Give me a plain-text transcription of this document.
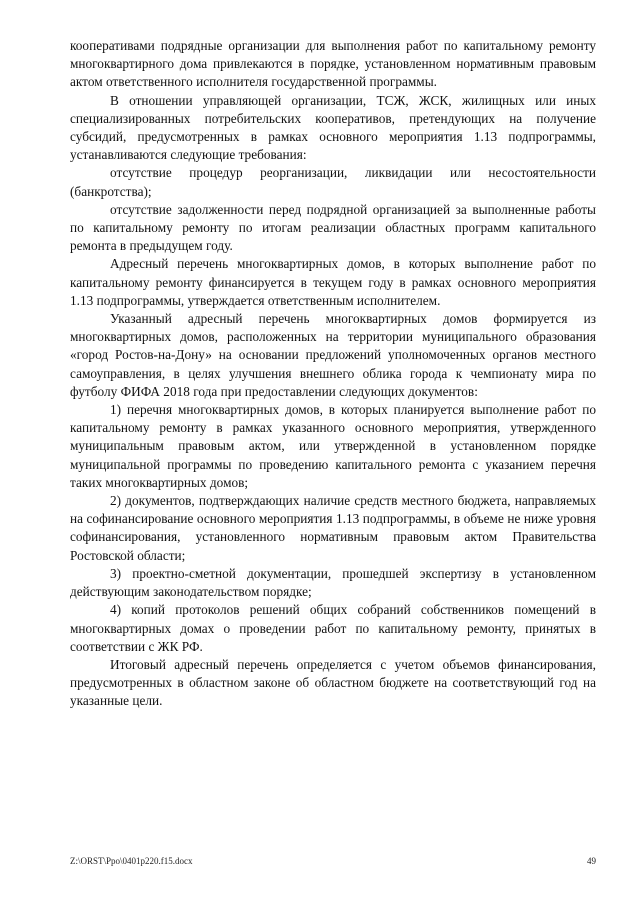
кооперативами подрядные организации для выполнения работ по капитальному ремонту многоквартирного дома привлекаются в порядке, установленном нормативным правовым актом ответственного исполнителя государственной программы.

В отношении управляющей организации, ТСЖ, ЖСК, жилищных или иных специализированных потребительских кооперативов, претендующих на получение субсидий, предусмотренных в рамках основного мероприятия 1.13 подпрограммы, устанавливаются следующие требования:

отсутствие процедур реорганизации, ликвидации или несостоятельности (банкротства);

отсутствие задолженности перед подрядной организацией за выполненные работы по капитальному ремонту по итогам реализации областных программ капитального ремонта в предыдущем году.

Адресный перечень многоквартирных домов, в которых выполнение работ по капитальному ремонту финансируется в текущем году в рамках основного мероприятия 1.13 подпрограммы, утверждается ответственным исполнителем.

Указанный адресный перечень многоквартирных домов формируется из многоквартирных домов, расположенных на территории муниципального образования «город Ростов-на-Дону» на основании предложений уполномоченных органов местного самоуправления, в целях улучшения внешнего облика города к чемпионату мира по футболу ФИФА 2018 года при предоставлении следующих документов:

1) перечня многоквартирных домов, в которых планируется выполнение работ по капитальному ремонту в рамках указанного основного мероприятия, утвержденного муниципальным правовым актом, или утвержденной в установленном порядке муниципальной программы по проведению капитального ремонта с указанием перечня таких многоквартирных домов;

2) документов, подтверждающих наличие средств местного бюджета, направляемых на софинансирование основного мероприятия 1.13 подпрограммы, в объеме не ниже уровня софинансирования, установленного нормативным правовым актом Правительства Ростовской области;

3) проектно-сметной документации, прошедшей экспертизу в установленном действующим законодательством порядке;

4) копий протоколов решений общих собраний собственников помещений в многоквартирных домах о проведении работ по капитальному ремонту, принятых в соответствии с ЖК РФ.

Итоговый адресный перечень определяется с учетом объемов финансирования, предусмотренных в областном законе об областном бюджете на соответствующий год на указанные цели.

Z:\ORST\Ppo\0401p220.f15.docx	49
